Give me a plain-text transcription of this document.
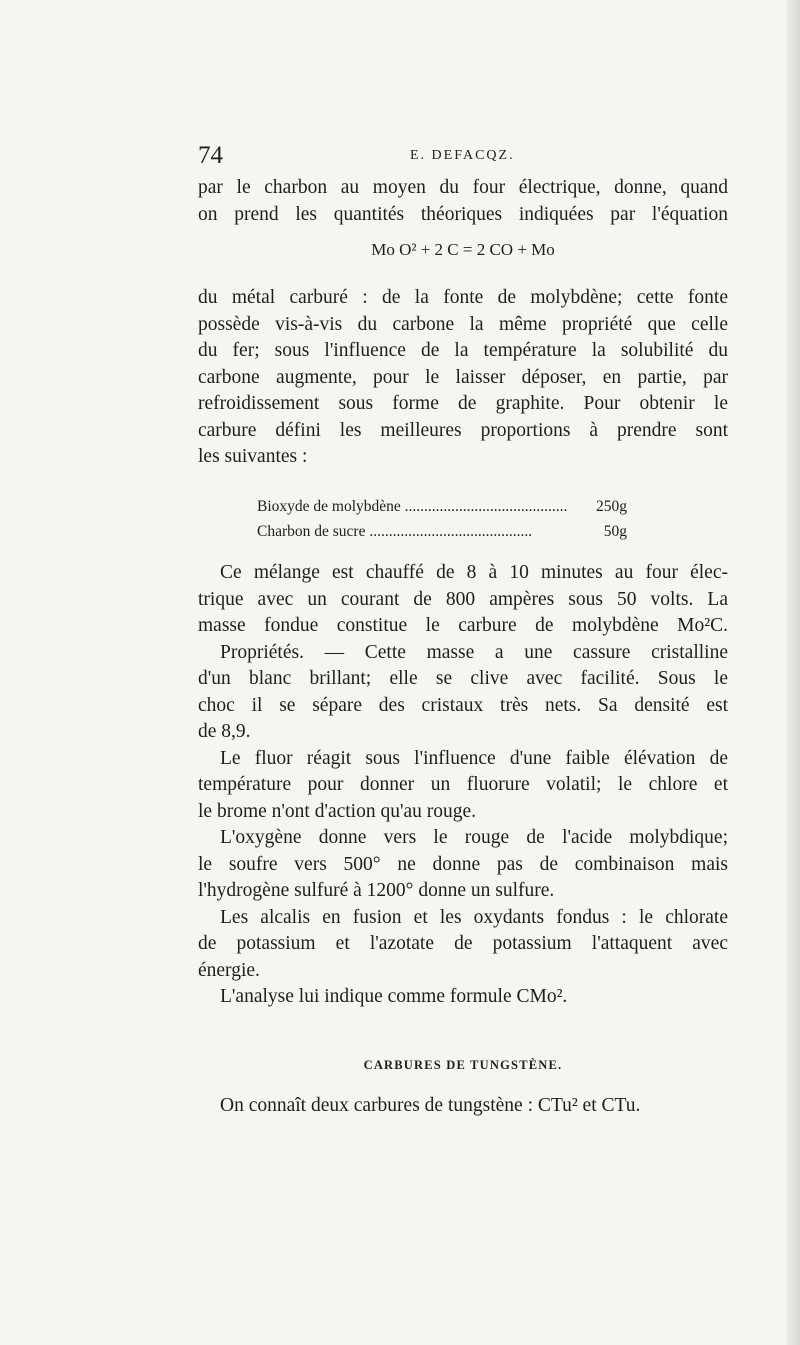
74	E. DEFACQZ.
par le charbon au moyen du four électrique, donne, quand
on prend les quantités théoriques indiquées par l'équation
Mo O² + 2 C = 2 CO + Mo
du métal carburé : de la fonte de molybdène; cette fonte
possède vis-à-vis du carbone la même propriété que celle
du fer; sous l'influence de la température la solubilité du
carbone augmente, pour le laisser déposer, en partie, par
refroidissement sous forme de graphite. Pour obtenir le
carbure défini les meilleures proportions à prendre sont
les suivantes :
Bioxyde de molybdène .....	250g
Charbon de sucre .....	50g
Ce mélange est chauffé de 8 à 10 minutes au four élec-
trique avec un courant de 800 ampères sous 50 volts. La
masse fondue constitue le carbure de molybdène Mo²C.
Propriétés. — Cette masse a une cassure cristalline
d'un blanc brillant; elle se clive avec facilité. Sous le
choc il se sépare des cristaux très nets. Sa densité est
de 8,9.
Le fluor réagit sous l'influence d'une faible élévation de
température pour donner un fluorure volatil; le chlore et
le brome n'ont d'action qu'au rouge.
L'oxygène donne vers le rouge de l'acide molybdique;
le soufre vers 500° ne donne pas de combinaison mais
l'hydrogène sulfuré à 1200° donne un sulfure.
Les alcalis en fusion et les oxydants fondus : le chlorate
de potassium et l'azotate de potassium l'attaquent avec
énergie.
L'analyse lui indique comme formule CMo².
CARBURES DE TUNGSTÈNE.
On connaît deux carbures de tungstène : CTu² et CTu.
